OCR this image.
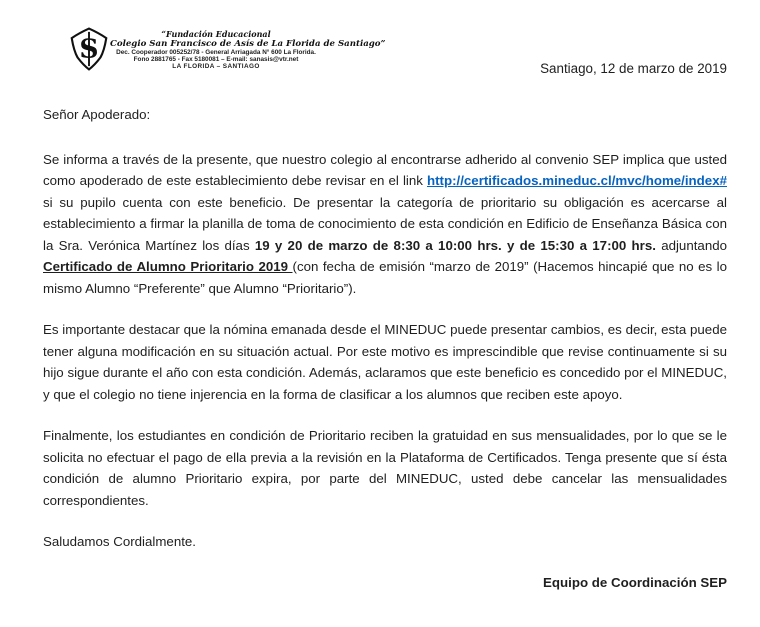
S	“Fundación Educacional
Colegio San Francisco de Asís de La Florida de Santiago”
Dec. Cooperador 005252/78 - General Arriagada N° 600 La Florida.
Fono 2881765 - Fax 5180081 – E-mail: sanasis@vtr.net
LA FLORIDA – SANTIAGO	Santiago, 12 de marzo de 2019

Señor Apoderado:

Se informa a través de la presente, que nuestro colegio al encontrarse adherido al convenio SEP implica que usted como apoderado de este establecimiento debe revisar en el link http://certificados.mineduc.cl/mvc/home/index# si su pupilo cuenta con este beneficio. De presentar la categoría de prioritario su obligación es acercarse al establecimiento a firmar la planilla de toma de conocimiento de esta condición en Edificio de Enseñanza Básica con la Sra. Verónica Martínez los días 19 y 20 de marzo de 8:30 a 10:00 hrs. y de 15:30 a 17:00 hrs. adjuntando Certificado de Alumno Prioritario 2019 (con fecha de emisión “marzo de 2019” (Hacemos hincapié que no es lo mismo Alumno “Preferente” que Alumno “Prioritario”).

Es importante destacar que la nómina emanada desde el MINEDUC puede presentar cambios, es decir, esta puede tener alguna modificación en su situación actual. Por este motivo es imprescindible que revise continuamente si su hijo sigue durante el año con esta condición. Además, aclaramos que este beneficio es concedido por el MINEDUC, y que el colegio no tiene injerencia en la forma de clasificar a los alumnos que reciben este apoyo.

Finalmente, los estudiantes en condición de Prioritario reciben la gratuidad en sus mensualidades, por lo que se le solicita no efectuar el pago de ella previa a la revisión en la Plataforma de Certificados. Tenga presente que sí ésta condición de alumno Prioritario expira, por parte del MINEDUC, usted debe cancelar las mensualidades correspondientes.

Saludamos Cordialmente.

Equipo de Coordinación SEP
